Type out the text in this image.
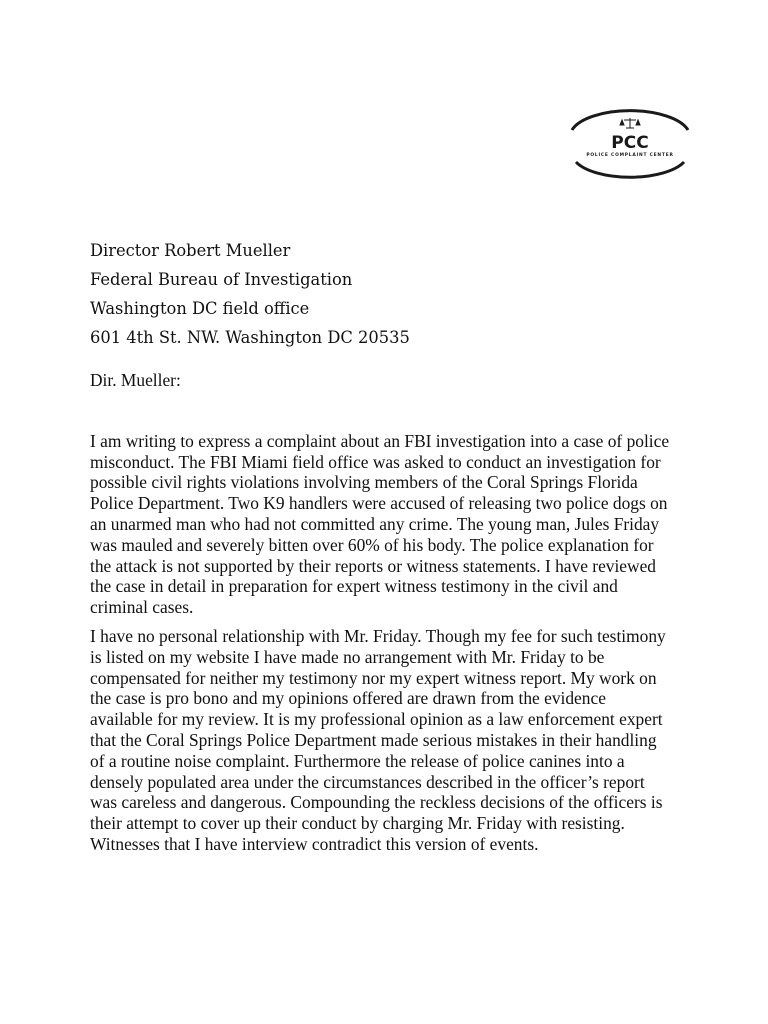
PCC
POLICE COMPLAINT CENTER
Director Robert Mueller
Federal Bureau of Investigation
Washington DC field office
601 4th St. NW. Washington DC 20535
Dir. Mueller:
I am writing to express a complaint about an FBI investigation into a case of police
misconduct. The FBI Miami field office was asked to conduct an investigation for
possible civil rights violations involving members of the Coral Springs Florida
Police Department. Two K9 handlers were accused of releasing two police dogs on
an unarmed man who had not committed any crime. The young man, Jules Friday
was mauled and severely bitten over 60% of his body. The police explanation for
the attack is not supported by their reports or witness statements. I have reviewed
the case in detail in preparation for expert witness testimony in the civil and
criminal cases.
I have no personal relationship with Mr. Friday. Though my fee for such testimony
is listed on my website I have made no arrangement with Mr. Friday to be
compensated for neither my testimony nor my expert witness report. My work on
the case is pro bono and my opinions offered are drawn from the evidence
available for my review. It is my professional opinion as a law enforcement expert
that the Coral Springs Police Department made serious mistakes in their handling
of a routine noise complaint. Furthermore the release of police canines into a
densely populated area under the circumstances described in the officer’s report
was careless and dangerous. Compounding the reckless decisions of the officers is
their attempt to cover up their conduct by charging Mr. Friday with resisting.
Witnesses that I have interview contradict this version of events.
